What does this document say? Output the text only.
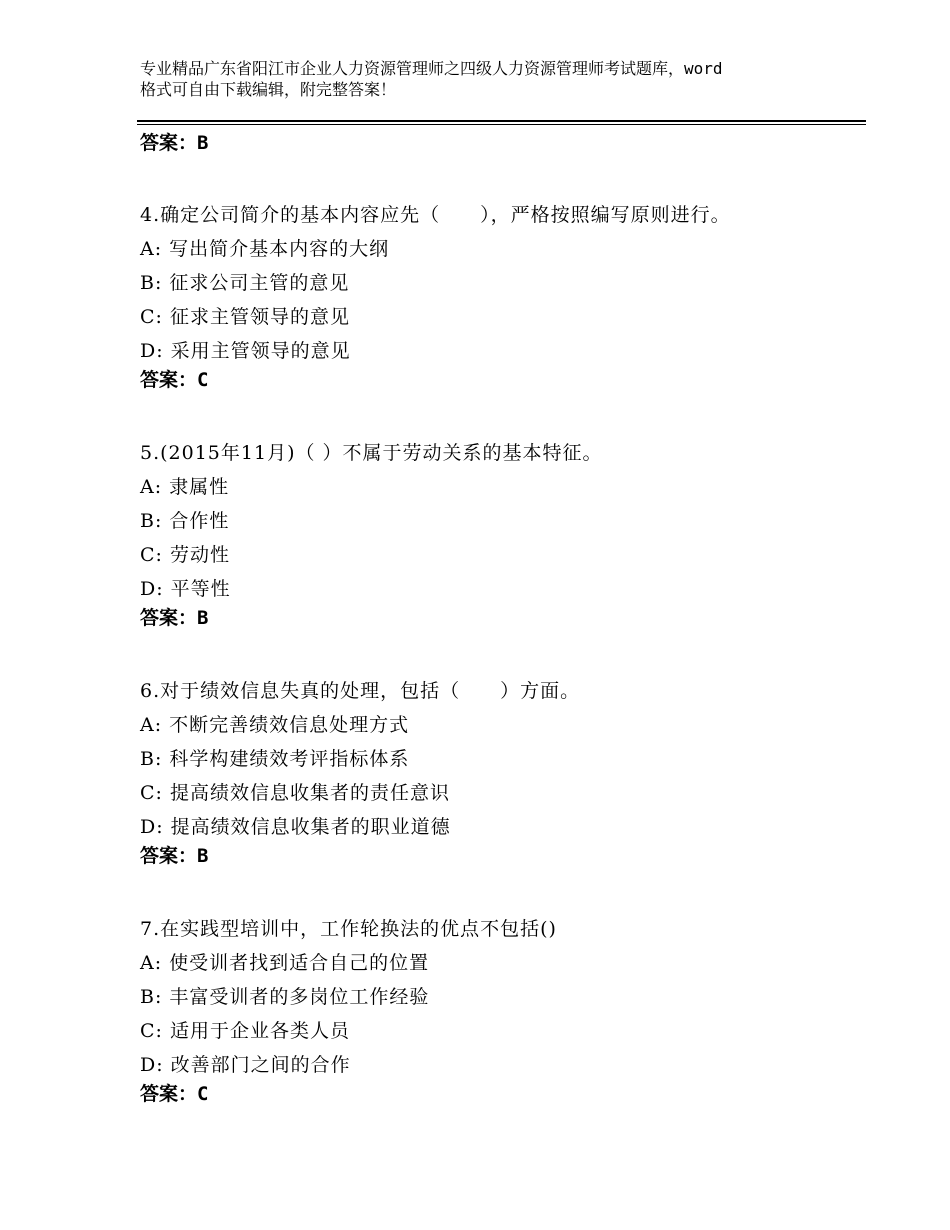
专业精品广东省阳江市企业人力资源管理师之四级人力资源管理师考试题库，word
格式可自由下载编辑，附完整答案！
答案：B
4.确定公司简介的基本内容应先（　　），严格按照编写原则进行。
A: 写出简介基本内容的大纲
B: 征求公司主管的意见
C: 征求主管领导的意见
D: 采用主管领导的意见
答案：C
5.(2015年11月)（ ）不属于劳动关系的基本特征。
A: 隶属性
B: 合作性
C: 劳动性
D: 平等性
答案：B
6.对于绩效信息失真的处理，包括（　　）方面。
A: 不断完善绩效信息处理方式
B: 科学构建绩效考评指标体系
C: 提高绩效信息收集者的责任意识
D: 提高绩效信息收集者的职业道德
答案：B
7.在实践型培训中，工作轮换法的优点不包括()
A: 使受训者找到适合自己的位置
B: 丰富受训者的多岗位工作经验
C: 适用于企业各类人员
D: 改善部门之间的合作
答案：C
